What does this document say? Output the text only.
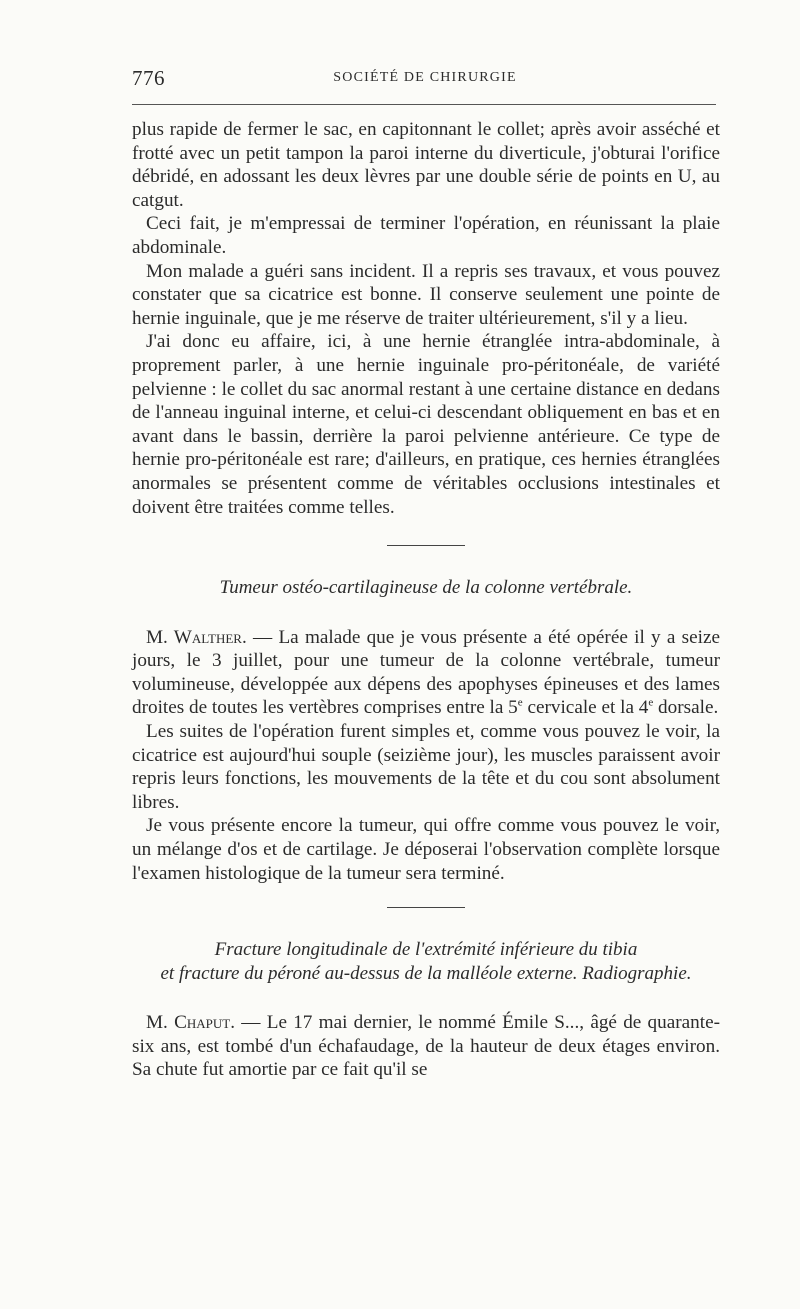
776	SOCIÉTÉ DE CHIRURGIE

plus rapide de fermer le sac, en capitonnant le collet; après avoir asséché et frotté avec un petit tampon la paroi interne du diverticule, j'obturai l'orifice débridé, en adossant les deux lèvres par une double série de points en U, au catgut.

Ceci fait, je m'empressai de terminer l'opération, en réunissant la plaie abdominale.

Mon malade a guéri sans incident. Il a repris ses travaux, et vous pouvez constater que sa cicatrice est bonne. Il conserve seulement une pointe de hernie inguinale, que je me réserve de traiter ultérieurement, s'il y a lieu.

J'ai donc eu affaire, ici, à une hernie étranglée intra-abdominale, à proprement parler, à une hernie inguinale pro-péritonéale, de variété pelvienne : le collet du sac anormal restant à une certaine distance en dedans de l'anneau inguinal interne, et celui-ci descendant obliquement en bas et en avant dans le bassin, derrière la paroi pelvienne antérieure. Ce type de hernie pro-péritonéale est rare; d'ailleurs, en pratique, ces hernies étranglées anormales se présentent comme de véritables occlusions intestinales et doivent être traitées comme telles.

Tumeur ostéo-cartilagineuse de la colonne vertébrale.

M. Walther. — La malade que je vous présente a été opérée il y a seize jours, le 3 juillet, pour une tumeur de la colonne vertébrale, tumeur volumineuse, développée aux dépens des apophyses épineuses et des lames droites de toutes les vertèbres comprises entre la 5e cervicale et la 4e dorsale.

Les suites de l'opération furent simples et, comme vous pouvez le voir, la cicatrice est aujourd'hui souple (seizième jour), les muscles paraissent avoir repris leurs fonctions, les mouvements de la tête et du cou sont absolument libres.

Je vous présente encore la tumeur, qui offre comme vous pouvez le voir, un mélange d'os et de cartilage. Je déposerai l'observation complète lorsque l'examen histologique de la tumeur sera terminé.

Fracture longitudinale de l'extrémité inférieure du tibia

et fracture du péroné au-dessus de la malléole externe. Radiographie.

M. Chaput. — Le 17 mai dernier, le nommé Émile S..., âgé de quarante-six ans, est tombé d'un échafaudage, de la hauteur de deux étages environ. Sa chute fut amortie par ce fait qu'il se
